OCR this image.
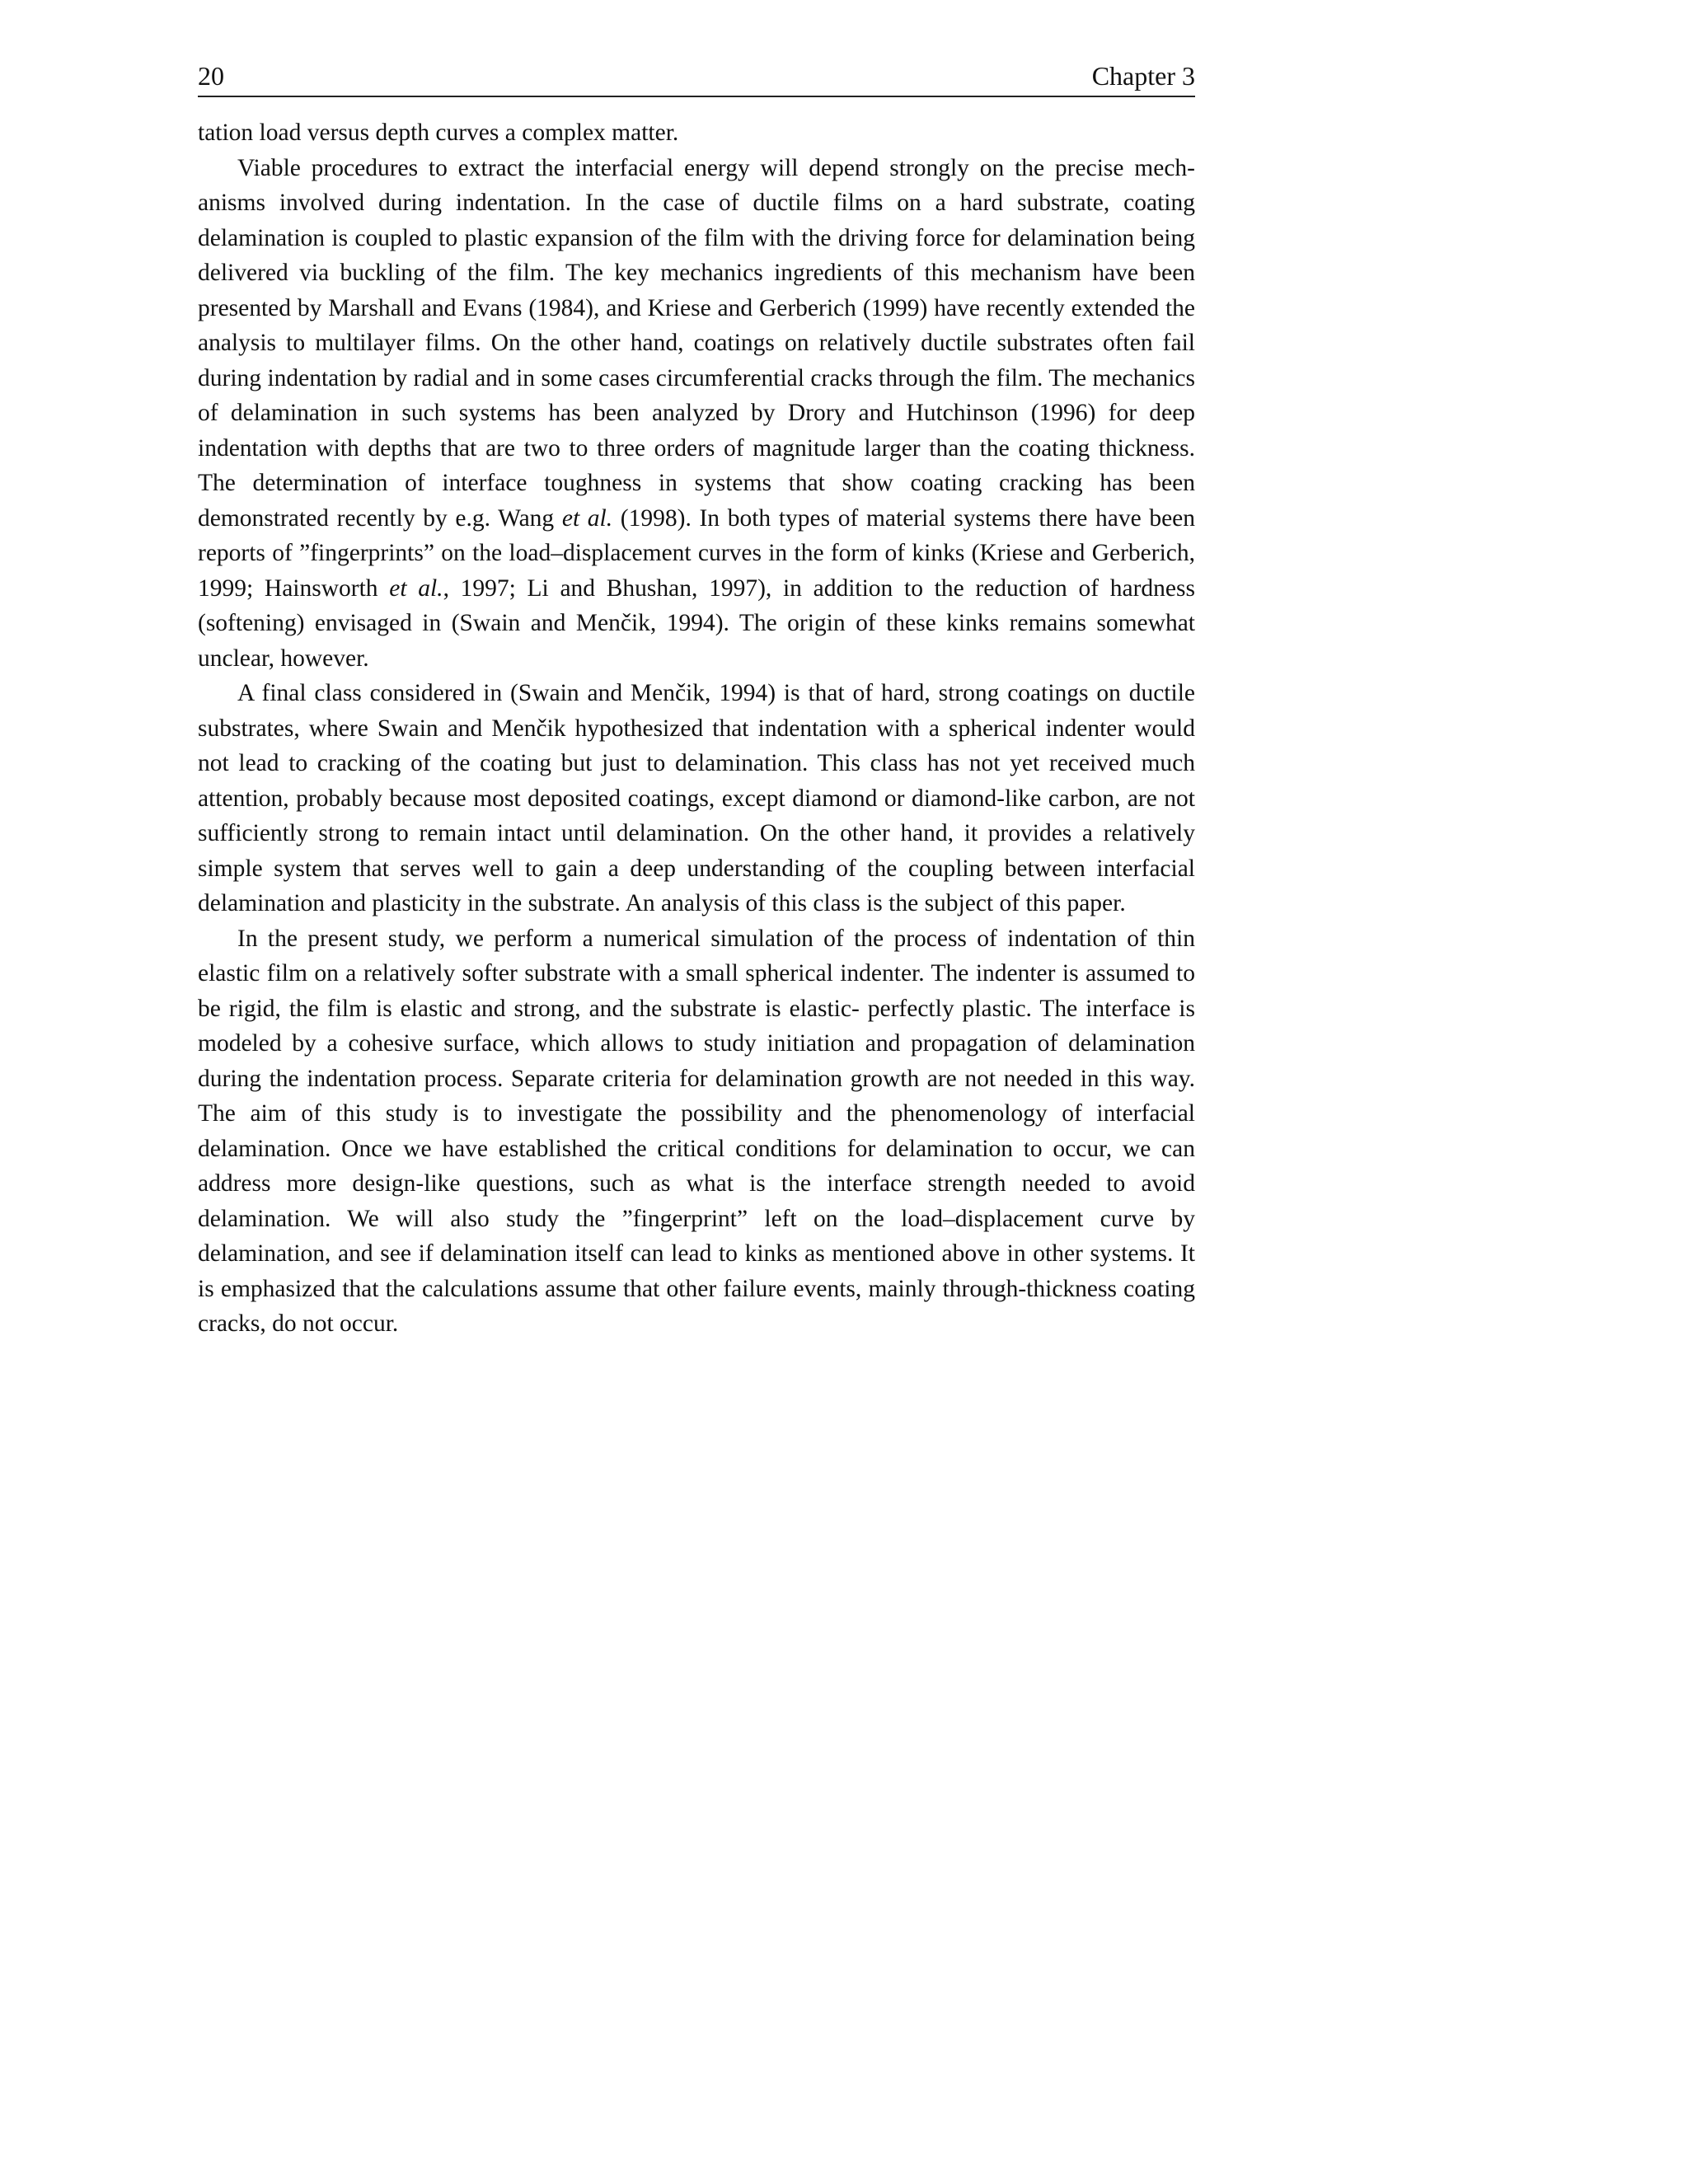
20	Chapter 3

tation load versus depth curves a complex matter.

Viable procedures to extract the interfacial energy will depend strongly on the precise mechanisms involved during indentation. In the case of ductile films on a hard substrate, coating delamination is coupled to plastic expansion of the film with the driving force for delamination being delivered via buckling of the film. The key mechanics ingredients of this mechanism have been presented by Marshall and Evans (1984), and Kriese and Gerberich (1999) have recently extended the analysis to multilayer films. On the other hand, coatings on relatively ductile substrates often fail during indentation by radial and in some cases circumferential cracks through the film. The mechanics of delamination in such systems has been analyzed by Drory and Hutchinson (1996) for deep indentation with depths that are two to three orders of magnitude larger than the coating thickness. The determination of interface toughness in systems that show coating cracking has been demonstrated recently by e.g. Wang et al. (1998). In both types of material systems there have been reports of ”fingerprints” on the load–displacement curves in the form of kinks (Kriese and Gerberich, 1999; Hainsworth et al., 1997; Li and Bhushan, 1997), in addition to the reduction of hardness (softening) envisaged in (Swain and Menčik, 1994). The origin of these kinks remains somewhat unclear, however.

A final class considered in (Swain and Menčik, 1994) is that of hard, strong coatings on ductile substrates, where Swain and Menčik hypothesized that indentation with a spherical indenter would not lead to cracking of the coating but just to delamination. This class has not yet received much attention, probably because most deposited coatings, except diamond or diamond-like carbon, are not sufficiently strong to remain intact until delamination. On the other hand, it provides a relatively simple system that serves well to gain a deep understanding of the coupling between interfacial delamination and plasticity in the substrate. An analysis of this class is the subject of this paper.

In the present study, we perform a numerical simulation of the process of indentation of thin elastic film on a relatively softer substrate with a small spherical indenter. The indenter is assumed to be rigid, the film is elastic and strong, and the substrate is elastic- perfectly plastic. The interface is modeled by a cohesive surface, which allows to study initiation and propagation of delamination during the indentation process. Separate criteria for delamination growth are not needed in this way. The aim of this study is to investigate the possibility and the phenomenology of interfacial delamination. Once we have established the critical conditions for delamination to occur, we can address more design-like questions, such as what is the interface strength needed to avoid delamination. We will also study the ”fingerprint” left on the load–displacement curve by delamination, and see if delamination itself can lead to kinks as mentioned above in other systems. It is emphasized that the calculations assume that other failure events, mainly through-thickness coating cracks, do not occur.
